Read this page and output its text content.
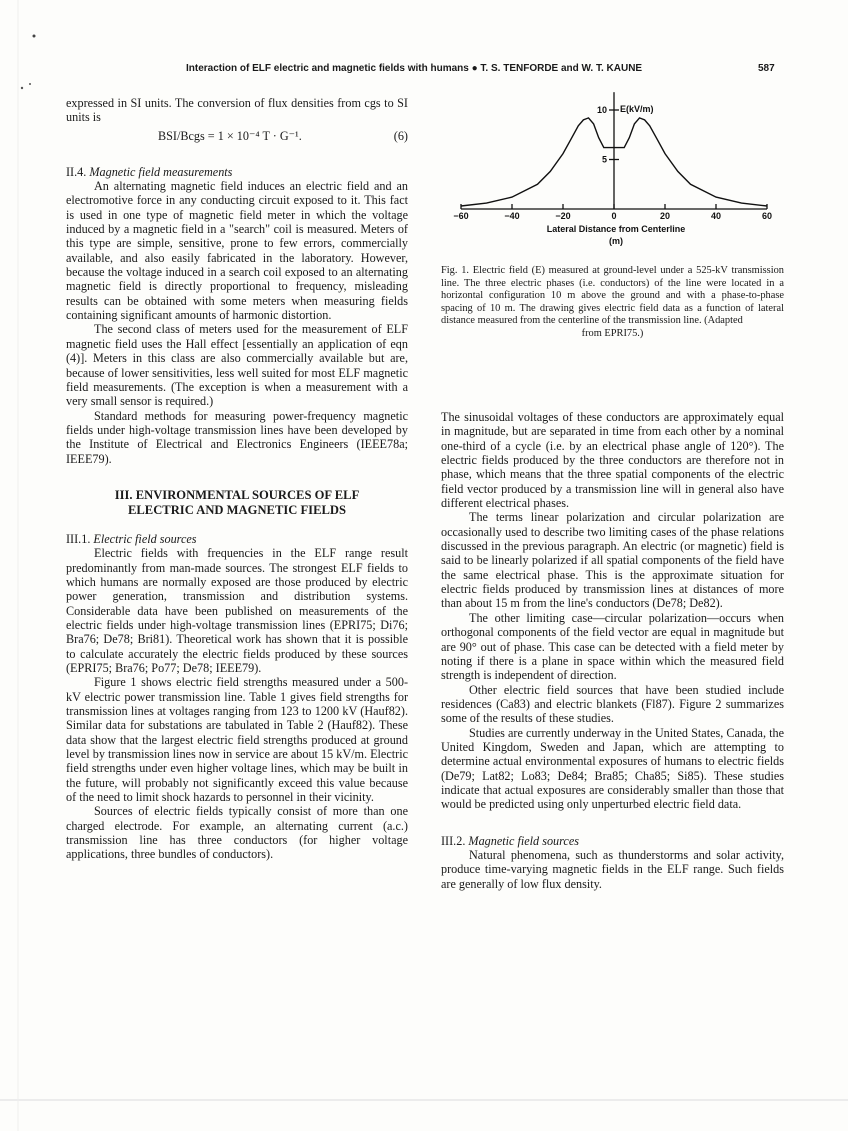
Interaction of ELF electric and magnetic fields with humans ● T. S. TENFORDE and W. T. KAUNE	587

expressed in SI units. The conversion of flux densities from cgs to SI units is

BSI/Bcgs = 1 × 10⁻⁴ T · G⁻¹.	(6)

II.4. Magnetic field measurements

An alternating magnetic field induces an electric field and an electromotive force in any conducting circuit exposed to it. This fact is used in one type of magnetic field meter in which the voltage induced by a magnetic field in a "search" coil is measured. Meters of this type are simple, sensitive, prone to few errors, commercially available, and also easily fabricated in the laboratory. However, because the voltage induced in a search coil exposed to an alternating magnetic field is directly proportional to frequency, misleading results can be obtained with some meters when measuring fields containing significant amounts of harmonic distortion.

The second class of meters used for the measurement of ELF magnetic field uses the Hall effect [essentially an application of eqn (4)]. Meters in this class are also commercially available but are, because of lower sensitivities, less well suited for most ELF magnetic field measurements. (The exception is when a measurement with a very small sensor is required.)

Standard methods for measuring power-frequency magnetic fields under high-voltage transmission lines have been developed by the Institute of Electrical and Electronics Engineers (IEEE78a; IEEE79).

III. ENVIRONMENTAL SOURCES OF ELF
ELECTRIC AND MAGNETIC FIELDS

III.1. Electric field sources

Electric fields with frequencies in the ELF range result predominantly from man-made sources. The strongest ELF fields to which humans are normally exposed are those produced by electric power generation, transmission and distribution systems. Considerable data have been published on measurements of the electric fields under high-voltage transmission lines (EPRI75; Di76; Bra76; De78; Bri81). Theoretical work has shown that it is possible to calculate accurately the electric fields produced by these sources (EPRI75; Bra76; Po77; De78; IEEE79).

Figure 1 shows electric field strengths measured under a 500-kV electric power transmission line. Table 1 gives field strengths for transmission lines at voltages ranging from 123 to 1200 kV (Hauf82). Similar data for substations are tabulated in Table 2 (Hauf82). These data show that the largest electric field strengths produced at ground level by transmission lines now in service are about 15 kV/m. Electric field strengths under even higher voltage lines, which may be built in the future, will probably not significantly exceed this value because of the need to limit shock hazards to personnel in their vicinity.

Sources of electric fields typically consist of more than one charged electrode. For example, an alternating current (a.c.) transmission line has three conductors (for higher voltage applications, three bundles of conductors).

−60	−40	−20	0	20	40	60
5
10 E(kV/m)
Lateral Distance from Centerline
(m)
Fig. 1. Electric field (E) measured at ground-level under a 525-kV transmission line. The three electric phases (i.e. conductors) of the line were located in a horizontal configuration 10 m above the ground and with a phase-to-phase spacing of 10 m. The drawing gives electric field data as a function of lateral distance measured from the centerline of the transmission line. (Adapted
from EPRI75.)

The sinusoidal voltages of these conductors are approximately equal in magnitude, but are separated in time from each other by a nominal one-third of a cycle (i.e. by an electrical phase angle of 120°). The electric fields produced by the three conductors are therefore not in phase, which means that the three spatial components of the electric field vector produced by a transmission line will in general also have different electrical phases.

The terms linear polarization and circular polarization are occasionally used to describe two limiting cases of the phase relations discussed in the previous paragraph. An electric (or magnetic) field is said to be linearly polarized if all spatial components of the field have the same electrical phase. This is the approximate situation for electric fields produced by transmission lines at distances of more than about 15 m from the line's conductors (De78; De82).

The other limiting case—circular polarization—occurs when orthogonal components of the field vector are equal in magnitude but are 90° out of phase. This case can be detected with a field meter by noting if there is a plane in space within which the measured field strength is independent of direction.

Other electric field sources that have been studied include residences (Ca83) and electric blankets (Fl87). Figure 2 summarizes some of the results of these studies.

Studies are currently underway in the United States, Canada, the United Kingdom, Sweden and Japan, which are attempting to determine actual environmental exposures of humans to electric fields (De79; Lat82; Lo83; De84; Bra85; Cha85; Si85). These studies indicate that actual exposures are considerably smaller than those that would be predicted using only unperturbed electric field data.

III.2. Magnetic field sources

Natural phenomena, such as thunderstorms and solar activity, produce time-varying magnetic fields in the ELF range. Such fields are generally of low flux density.
